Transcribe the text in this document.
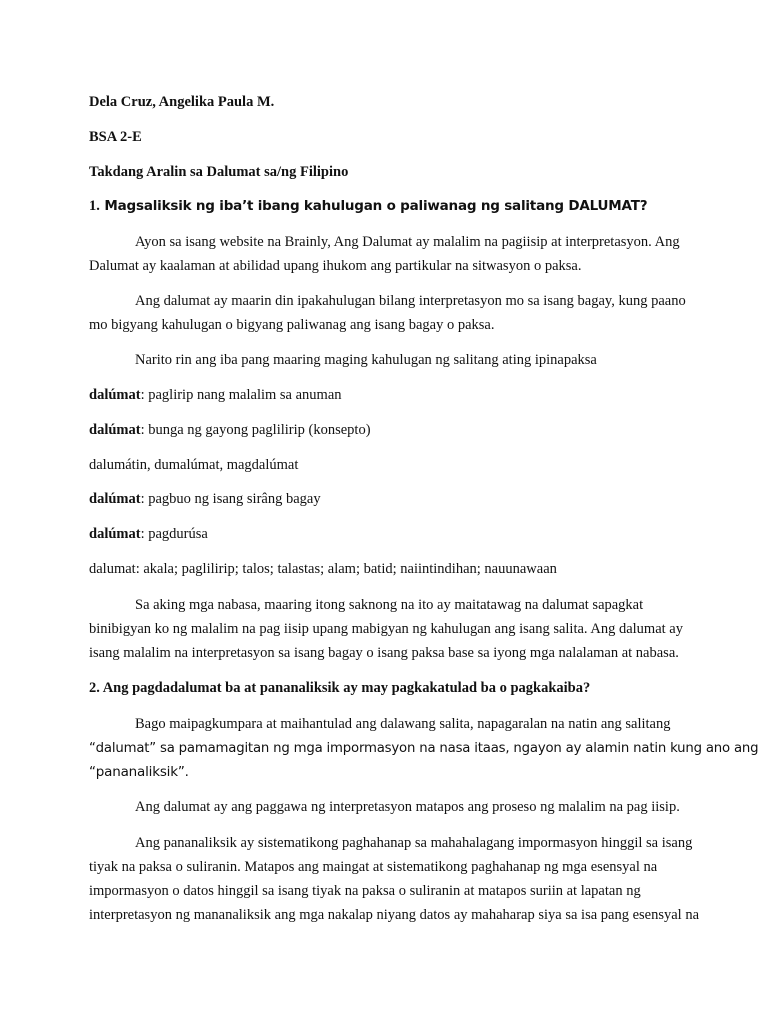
Dela Cruz, Angelika Paula M.
BSA 2-E
Takdang Aralin sa Dalumat sa/ng Filipino
1. Magsaliksik ng iba’t ibang kahulugan o paliwanag ng salitang DALUMAT?
Ayon sa isang website na Brainly, Ang Dalumat ay malalim na pagiisip at interpretasyon. Ang
Dalumat ay kaalaman at abilidad upang ihukom ang partikular na sitwasyon o paksa.
Ang dalumat ay maarin din ipakahulugan bilang interpretasyon mo sa isang bagay, kung paano
mo bigyang kahulugan o bigyang paliwanag ang isang bagay o paksa.
Narito rin ang iba pang maaring maging kahulugan ng salitang ating ipinapaksa
dalúmat: paglirip nang malalim sa anuman
dalúmat: bunga ng gayong paglilirip (konsepto)
dalumátin, dumalúmat, magdalúmat
dalúmat: pagbuo ng isang sirâng bagay
dalúmat: pagdurúsa
dalumat: akala; paglilirip; talos; talastas; alam; batid; naiintindihan; nauunawaan
Sa aking mga nabasa, maaring itong saknong na ito ay maitatawag na dalumat sapagkat
binibigyan ko ng malalim na pag iisip upang mabigyan ng kahulugan ang isang salita. Ang dalumat ay
isang malalim na interpretasyon sa isang bagay o isang paksa base sa iyong mga nalalaman at nabasa.
2. Ang pagdadalumat ba at pananaliksik ay may pagkakatulad ba o pagkakaiba?
Bago maipagkumpara at maihantulad ang dalawang salita, napagaralan na natin ang salitang
“dalumat” sa pamamagitan ng mga impormasyon na nasa itaas, ngayon ay alamin natin kung ano ang
“pananaliksik”.
Ang dalumat ay ang paggawa ng interpretasyon matapos ang proseso ng malalim na pag iisip.
Ang pananaliksik ay sistematikong paghahanap sa mahahalagang impormasyon hinggil sa isang
tiyak na paksa o suliranin. Matapos ang maingat at sistematikong paghahanap ng mga esensyal na
impormasyon o datos hinggil sa isang tiyak na paksa o suliranin at matapos suriin at lapatan ng
interpretasyon ng mananaliksik ang mga nakalap niyang datos ay mahaharap siya sa isa pang esensyal na
